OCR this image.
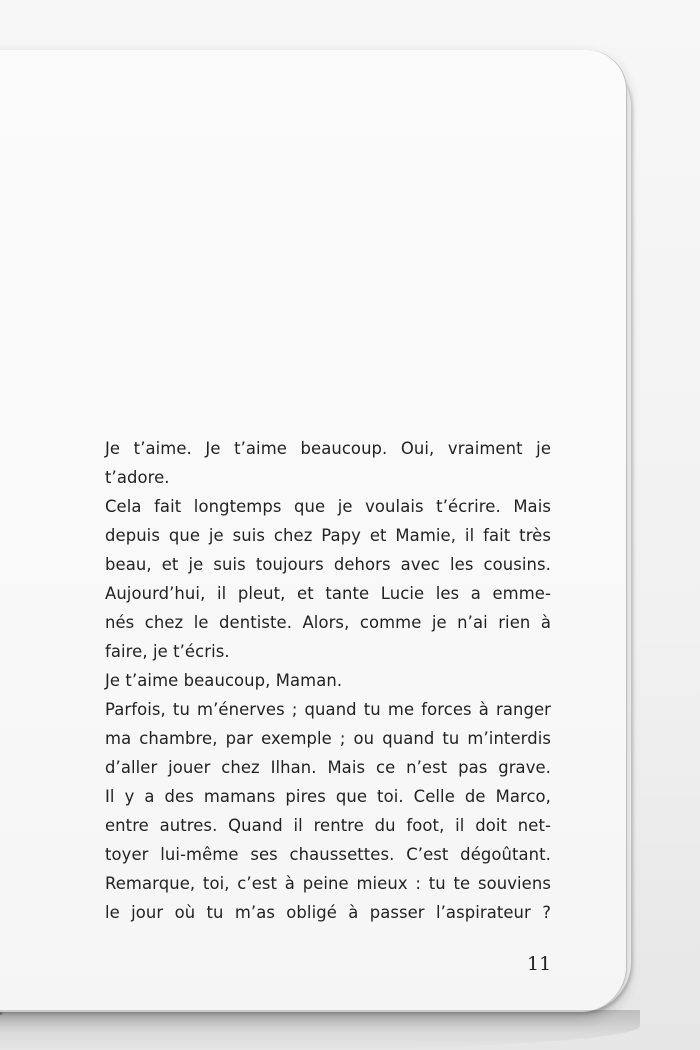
Je t’aime. Je t’aime beaucoup. Oui, vraiment je
t’adore.
Cela fait longtemps que je voulais t’écrire. Mais
depuis que je suis chez Papy et Mamie, il fait très
beau, et je suis toujours dehors avec les cousins.
Aujourd’hui, il pleut, et tante Lucie les a emme-
nés chez le dentiste. Alors, comme je n’ai rien à
faire, je t’écris.
Je t’aime beaucoup, Maman.
Parfois, tu m’énerves ; quand tu me forces à ranger
ma chambre, par exemple ; ou quand tu m’interdis
d’aller jouer chez Ilhan. Mais ce n’est pas grave.
Il y a des mamans pires que toi. Celle de Marco,
entre autres. Quand il rentre du foot, il doit net-
toyer lui-même ses chaussettes. C’est dégoûtant.
Remarque, toi, c’est à peine mieux : tu te souviens
le jour où tu m’as obligé à passer l’aspirateur ?
11
